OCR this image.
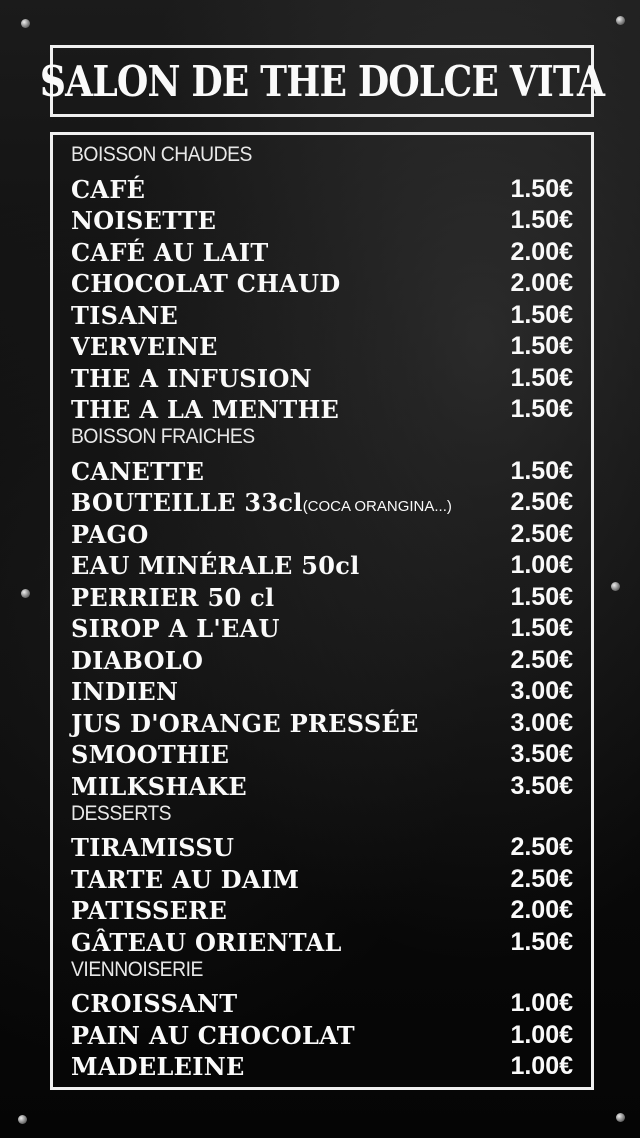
SALON DE THE DOLCE VITA
BOISSON CHAUDES
CAFÉ	1.50€
NOISETTE	1.50€
CAFÉ AU LAIT	2.00€
CHOCOLAT CHAUD	2.00€
TISANE	1.50€
VERVEINE	1.50€
THE A INFUSION	1.50€
THE A LA MENTHE	1.50€
BOISSON FRAICHES
CANETTE	1.50€
BOUTEILLE 33cl(COCA ORANGINA...) 2.50€
PAGO	2.50€
EAU MINÉRALE 50cl	1.00€
PERRIER 50 cl	1.50€
SIROP A L'EAU	1.50€
DIABOLO	2.50€
INDIEN	3.00€
JUS D'ORANGE PRESSÉE	3.00€
SMOOTHIE	3.50€
MILKSHAKE	3.50€
DESSERTS
TIRAMISSU	2.50€
TARTE AU DAIM	2.50€
PATISSERE	2.00€
GÂTEAU ORIENTAL	1.50€
VIENNOISERIE
CROISSANT	1.00€
PAIN AU CHOCOLAT	1.00€
MADELEINE	1.00€
